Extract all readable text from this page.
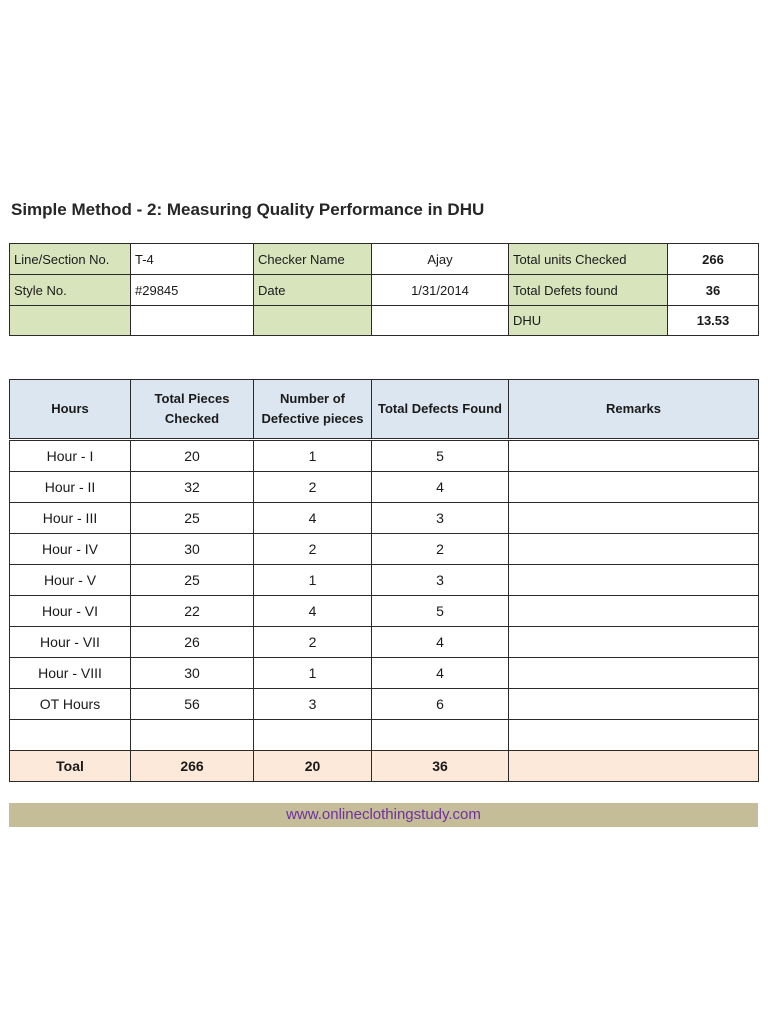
Simple Method - 2: Measuring Quality Performance in DHU
Line/Section No.	T-4	Checker Name	Ajay	Total units Checked	266
Style No.	#29845	Date	1/31/2014	Total Defets found	36
				DHU	13.53
Hours	Total Pieces Checked	Number of Defective pieces	Total Defects Found	Remarks
Hour - I	20	1	5	
Hour - II	32	2	4	
Hour - III	25	4	3	
Hour - IV	30	2	2	
Hour - V	25	1	3	
Hour - VI	22	4	5	
Hour - VII	26	2	4	
Hour - VIII	30	1	4	
OT Hours	56	3	6	

Toal	266	20	36	
www.onlineclothingstudy.com
